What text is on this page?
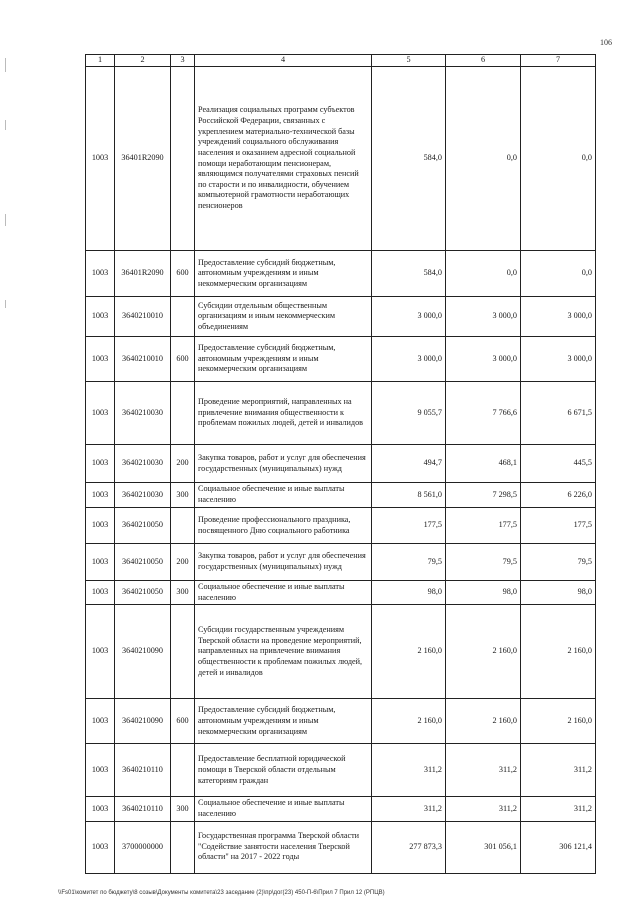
106
1	2	3	4	5	6	7
1003	36401R2090		Реализация социальных программ субъектов Российской Федерации, связанных с укреплением материально-технической базы учреждений социального обслуживания населения и оказанием адресной социальной помощи неработающим пенсионерам, являющимся получателями страховых пенсий по старости и по инвалидности, обучением компьютерной грамотности неработающих пенсионеров	584,0	0,0	0,0
1003	36401R2090	600	Предоставление субсидий бюджетным, автономным учреждениям и иным некоммерческим организациям	584,0	0,0	0,0
1003	3640210010		Субсидии отдельным общественным организациям и иным некоммерческим объединениям	3 000,0	3 000,0	3 000,0
1003	3640210010	600	Предоставление субсидий бюджетным, автономным учреждениям и иным некоммерческим организациям	3 000,0	3 000,0	3 000,0
1003	3640210030		Проведение мероприятий, направленных на привлечение внимания общественности к проблемам пожилых людей, детей и инвалидов	9 055,7	7 766,6	6 671,5
1003	3640210030	200	Закупка товаров, работ и услуг для обеспечения государственных (муниципальных) нужд	494,7	468,1	445,5
1003	3640210030	300	Социальное обеспечение и иные выплаты населению	8 561,0	7 298,5	6 226,0
1003	3640210050		Проведение профессионального праздника, посвященного Дню социального работника	177,5	177,5	177,5
1003	3640210050	200	Закупка товаров, работ и услуг для обеспечения государственных (муниципальных) нужд	79,5	79,5	79,5
1003	3640210050	300	Социальное обеспечение и иные выплаты населению	98,0	98,0	98,0
1003	3640210090		Субсидии государственным учреждениям Тверской области на проведение мероприятий, направленных на привлечение внимания общественности к проблемам пожилых людей, детей и инвалидов	2 160,0	2 160,0	2 160,0
1003	3640210090	600	Предоставление субсидий бюджетным, автономным учреждениям и иным некоммерческим организациям	2 160,0	2 160,0	2 160,0
1003	3640210110		Предоставление бесплатной юридической помощи в Тверской области отдельным категориям граждан	311,2	311,2	311,2
1003	3640210110	300	Социальное обеспечение и иные выплаты населению	311,2	311,2	311,2
1003	3700000000		Государственная программа Тверской области "Содействие занятости населения Тверской области" на 2017 - 2022 годы	277 873,3	301 056,1	306 121,4
\\Fs01\комитет по бюджету\8 созыв\Документы комитета\23 заседание (2)\пр\дог(23) 450-П-6\Прил 7 Прил 12 (РПЦВ)
